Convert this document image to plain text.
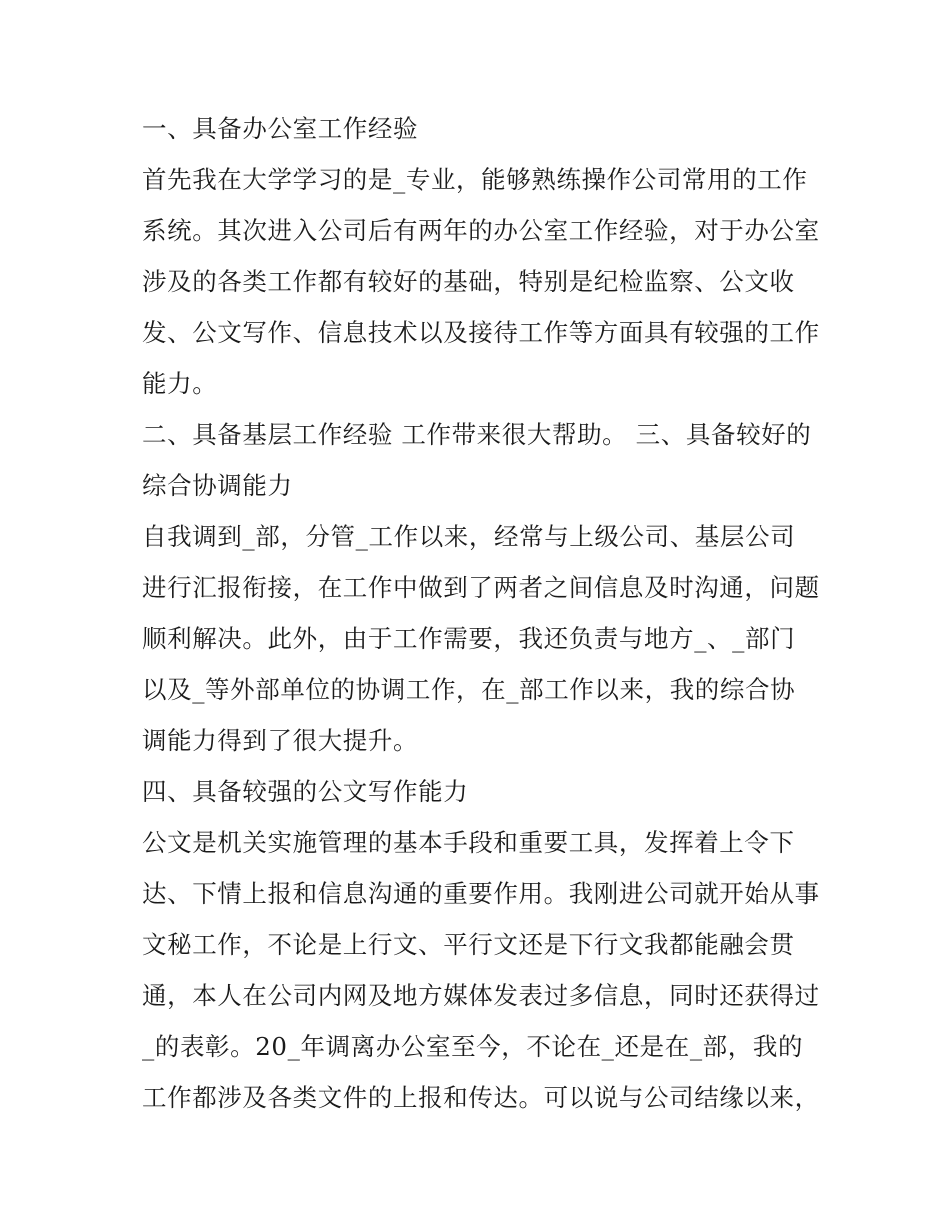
一、具备办公室工作经验
首先我在大学学习的是_专业，能够熟练操作公司常用的工作
系统。其次进入公司后有两年的办公室工作经验，对于办公室
涉及的各类工作都有较好的基础，特别是纪检监察、公文收
发、公文写作、信息技术以及接待工作等方面具有较强的工作
能力。
二、具备基层工作经验 工作带来很大帮助。 三、具备较好的
综合协调能力
自我调到_部，分管_工作以来，经常与上级公司、基层公司
进行汇报衔接，在工作中做到了两者之间信息及时沟通，问题
顺利解决。此外，由于工作需要，我还负责与地方_、_部门
以及_等外部单位的协调工作，在_部工作以来，我的综合协
调能力得到了很大提升。
四、具备较强的公文写作能力
公文是机关实施管理的基本手段和重要工具，发挥着上令下
达、下情上报和信息沟通的重要作用。我刚进公司就开始从事
文秘工作，不论是上行文、平行文还是下行文我都能融会贯
通，本人在公司内网及地方媒体发表过多信息，同时还获得过
_的表彰。20_年调离办公室至今，不论在_还是在_部，我的
工作都涉及各类文件的上报和传达。可以说与公司结缘以来，
